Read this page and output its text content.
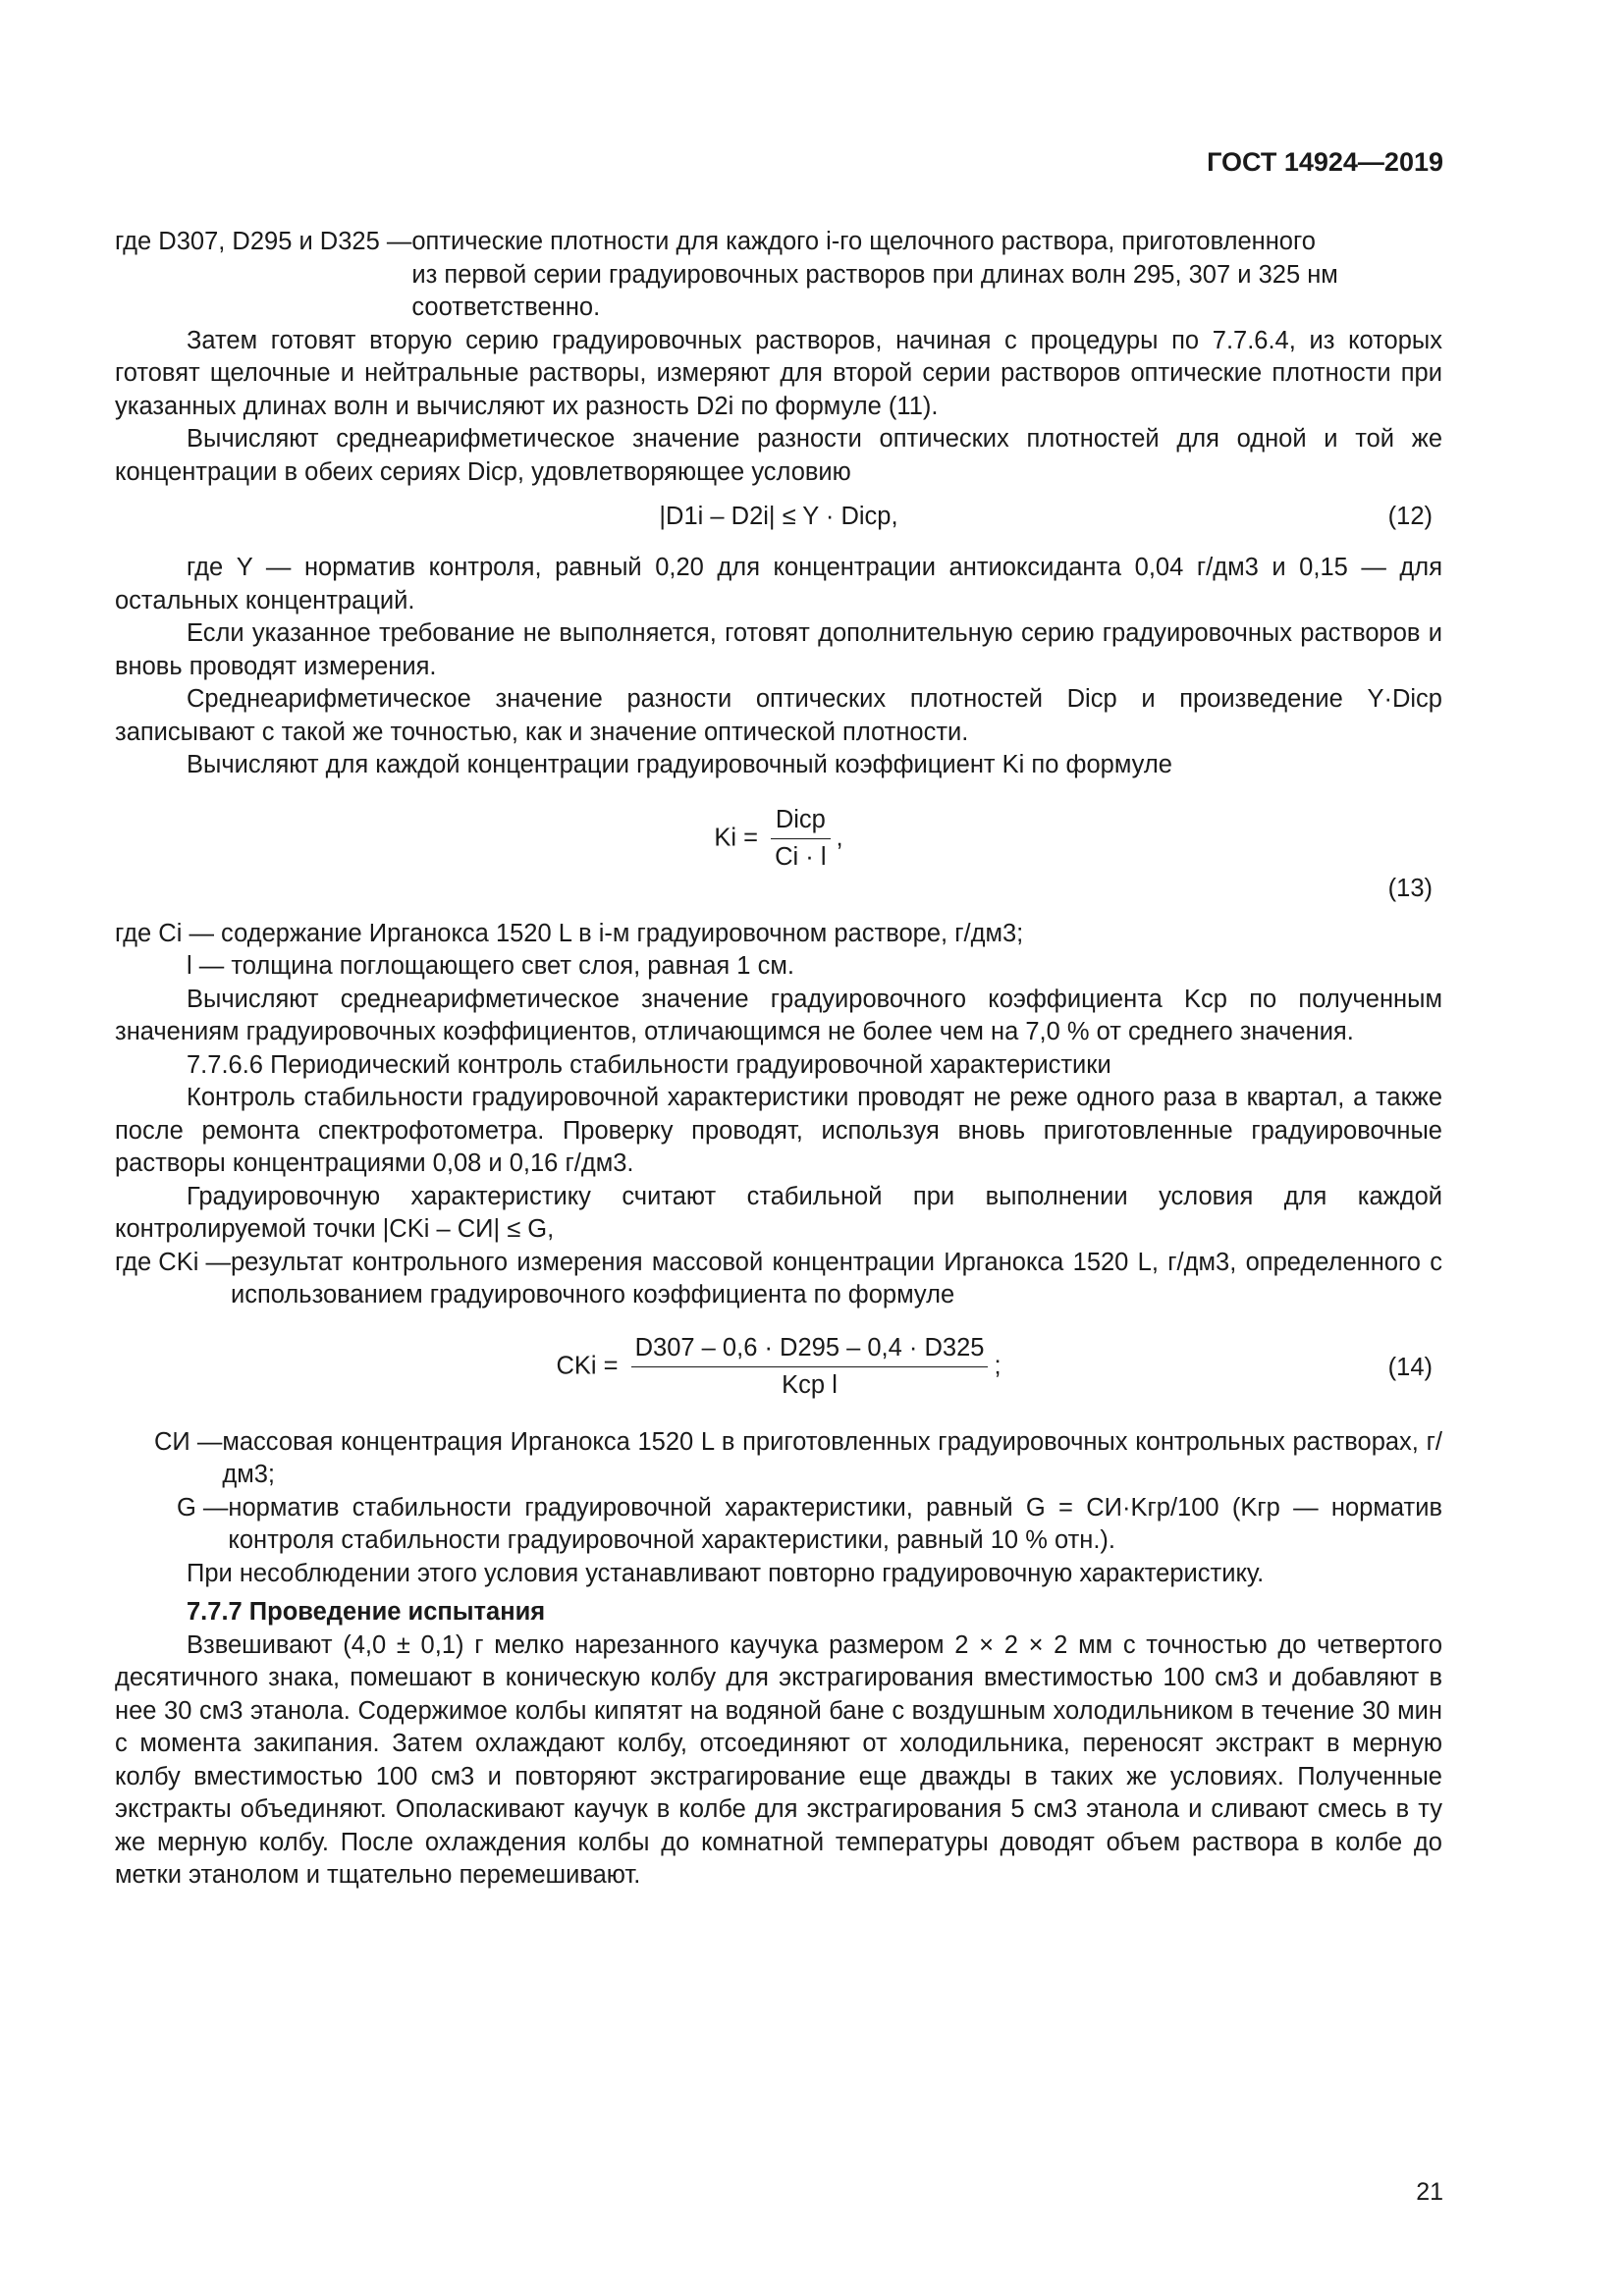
ГОСТ 14924—2019
где D307, D295 и D325 — оптические плотности для каждого i-го щелочного раствора, приготовленного
из первой серии градуировочных растворов при длинах волн 295, 307 и 325 нм
соответственно.

Затем готовят вторую серию градуировочных растворов, начиная с процедуры по 7.7.6.4, из которых готовят щелочные и нейтральные растворы, измеряют для второй серии растворов оптические плотности при указанных длинах волн и вычисляют их разность D2i по формуле (11).

Вычисляют среднеарифметическое значение разности оптических плотностей для одной и той же концентрации в обеих сериях Dicp, удовлетворяющее условию

|D1i – D2i| ≤ Y · Dicp,	(12)

где Y — норматив контроля, равный 0,20 для концентрации антиоксиданта 0,04 г/дм3 и 0,15 — для остальных концентраций.

Если указанное требование не выполняется, готовят дополнительную серию градуировочных растворов и вновь проводят измерения.

Среднеарифметическое значение разности оптических плотностей Dicp и произведение Y·Dicp записывают с такой же точностью, как и значение оптической плотности.

Вычисляют для каждой концентрации градуировочный коэффициент Ki по формуле

$Ki = \frac{\text{Dicp}}{Ci \cdot l}$ ,
(13)

где Ci — содержание Ирганокса 1520 L в i-м градуировочном растворе, г/дм3;

l — толщина поглощающего свет слоя, равная 1 см.

Вычисляют среднеарифметическое значение градуировочного коэффициента Kср по полученным значениям градуировочных коэффициентов, отличающимся не более чем на 7,0 % от среднего значения.

7.7.6.6 Периодический контроль стабильности градуировочной характеристики

Контроль стабильности градуировочной характеристики проводят не реже одного раза в квартал, а также после ремонта спектрофотометра. Проверку проводят, используя вновь приготовленные градуировочные растворы концентрациями 0,08 и 0,16 г/дм3.

Градуировочную характеристику считают стабильной при выполнении условия для каждой контролируемой точки |CKi – CИ| ≤ G,

где CKi — результат контрольного измерения массовой концентрации Ирганокса 1520 L, г/дм3, определенного с использованием градуировочного коэффициента по формуле
CKi = $\frac{D307 - 0,6 \cdot D295 - 0,4 \cdot D325}{\text{Kср l}}$ ;	(14)
CИ — массовая концентрация Ирганокса 1520 L в приготовленных градуировочных контрольных растворах, г/дм3;
G — норматив стабильности градуировочной характеристики, равный G = CИ·Kгр/100 (Kгр — норматив контроля стабильности градуировочной характеристики, равный 10 % отн.).

При несоблюдении этого условия устанавливают повторно градуировочную характеристику.

7.7.7 Проведение испытания

Взвешивают (4,0 ± 0,1) г мелко нарезанного каучука размером 2 × 2 × 2 мм с точностью до четвертого десятичного знака, помешают в коническую колбу для экстрагирования вместимостью 100 см3 и добавляют в нее 30 см3 этанола. Содержимое колбы кипятят на водяной бане с воздушным холодильником в течение 30 мин с момента закипания. Затем охлаждают колбу, отсоединяют от холодильника, переносят экстракт в мерную колбу вместимостью 100 см3 и повторяют экстрагирование еще дважды в таких же условиях. Полученные экстракты объединяют. Ополаскивают каучук в колбе для экстрагирования 5 см3 этанола и сливают смесь в ту же мерную колбу. После охлаждения колбы до комнатной температуры доводят объем раствора в колбе до метки этанолом и тщательно перемешивают.

21
